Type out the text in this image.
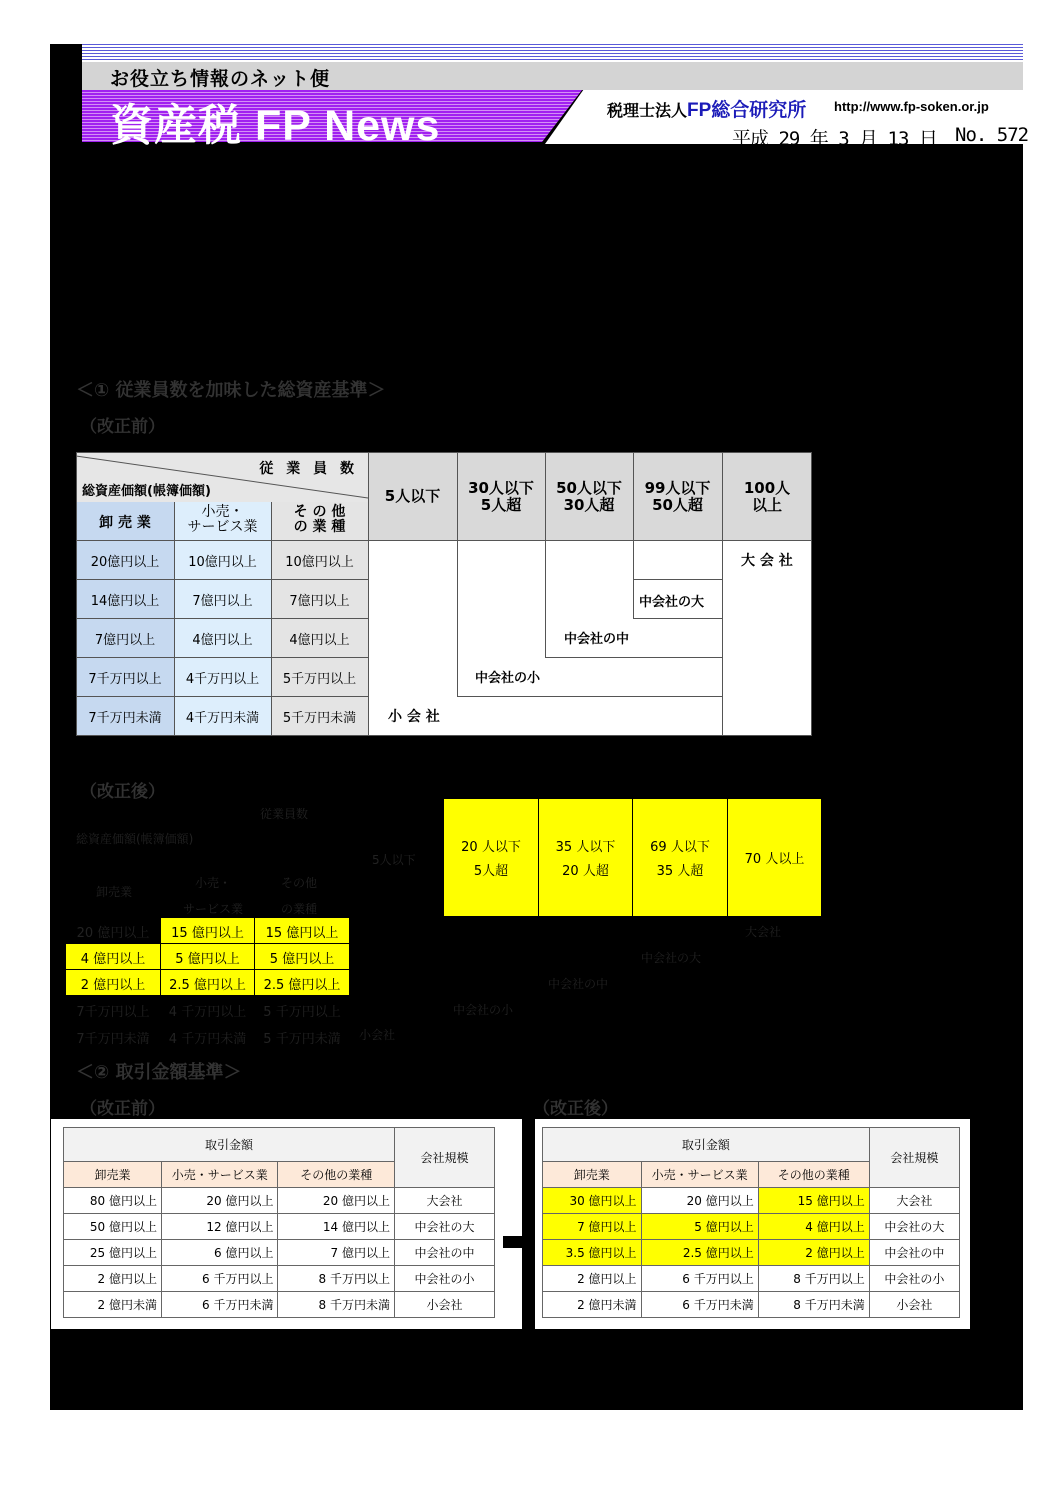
お役立ち情報のネット便
資産税 FP News	税理士法人FP総合研究所 http://www.fp-soken.or.jp
平成 29 年 3 月 13 日 No. 572
＜① 従業員数を加味した総資産基準＞
（改正前）
従 業 員 数
総資産価額(帳簿価額)
卸 売 業
小売・
サービス業
そ の 他
の 業 種
5人以下	30人以下
5人超
50人以下
30人超
99人以下
50人超
100人
以上
20億円以上	10億円以上	10億円以上
14億円以上	7億円以上	7億円以上
7億円以上	4億円以上	4億円以上
7千万円以上	4千万円以上	5千万円以上
7千万円未満	4千万円未満	5千万円未満
大 会 社
中会社の大
中会社の中
中会社の小
小 会 社
（改正後）
従業員数
総資産価額(帳簿価額)
5人以下
卸売業
小売・
サービス業
その他
の業種
20 人以下
5人超
35 人以下
20 人超
69 人以下
35 人超
70 人以上
20 億円以上	15 億円以上	15 億円以上
4 億円以上	5 億円以上	5 億円以上
2 億円以上	2.5 億円以上	2.5 億円以上
7千万円以上	4 千万円以上	5 千万円以上
7千万円未満	4 千万円未満	5 千万円未満
大会社
中会社の大
中会社の中
中会社の小
小会社
＜② 取引金額基準＞
（改正前）	（改正後）
取引金額			会社規模
卸売業	小売・サービス業	その他の業種	
80 億円以上	20 億円以上	20 億円以上	大会社
50 億円以上	12 億円以上	14 億円以上	中会社の大
25 億円以上	6 億円以上	7 億円以上	中会社の中
2 億円以上	6 千万円以上	8 千万円以上	中会社の小
2 億円未満	6 千万円未満	8 千万円未満	小会社
取引金額			会社規模
卸売業	小売・サービス業	その他の業種	
30 億円以上	20 億円以上	15 億円以上	大会社
7 億円以上	5 億円以上	4 億円以上	中会社の大
3.5 億円以上	2.5 億円以上	2 億円以上	中会社の中
2 億円以上	6 千万円以上	8 千万円以上	中会社の小
2 億円未満	6 千万円未満	8 千万円未満	小会社
